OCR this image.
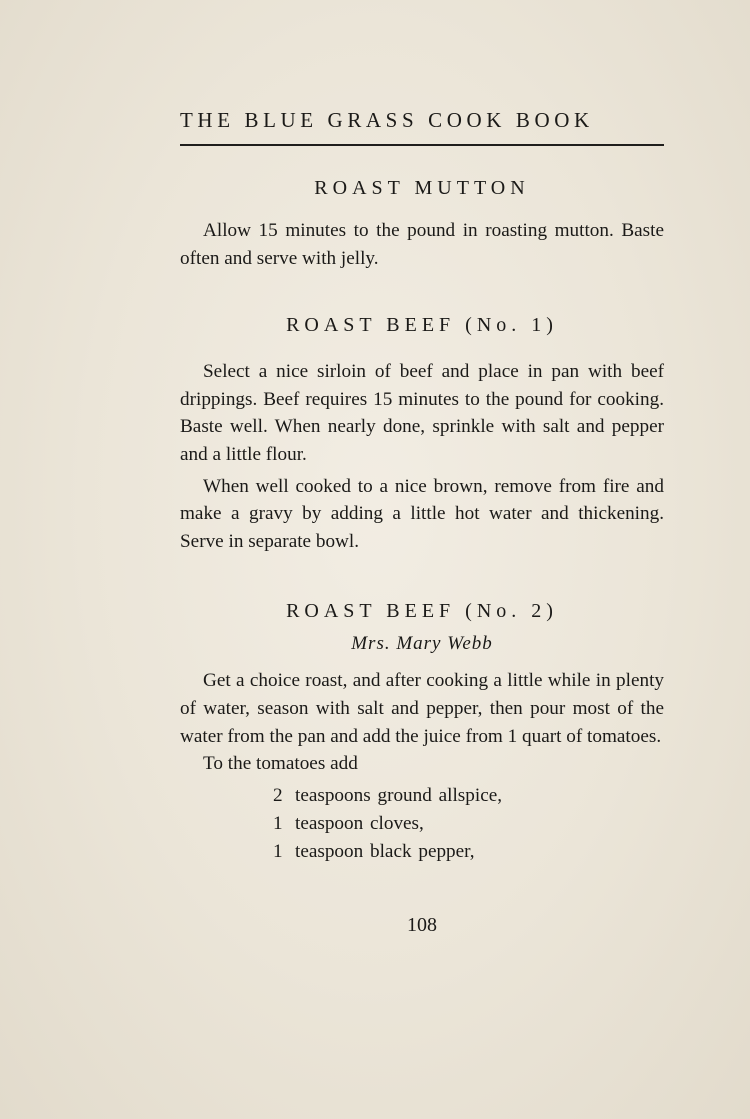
THE BLUE GRASS COOK BOOK
ROAST MUTTON

Allow 15 minutes to the pound in roasting mutton. Baste often and serve with jelly.

ROAST BEEF (No. 1)

Select a nice sirloin of beef and place in pan with beef drippings. Beef requires 15 minutes to the pound for cooking. Baste well. When nearly done, sprinkle with salt and pepper and a little flour.

When well cooked to a nice brown, remove from fire and make a gravy by adding a little hot water and thickening. Serve in separate bowl.

ROAST BEEF (No. 2)
Mrs. Mary Webb

Get a choice roast, and after cooking a little while in plenty of water, season with salt and pepper, then pour most of the water from the pan and add the juice from 1 quart of tomatoes.

To the tomatoes add

2 teaspoons ground allspice,
1 teaspoon cloves,
1 teaspoon black pepper,
108
